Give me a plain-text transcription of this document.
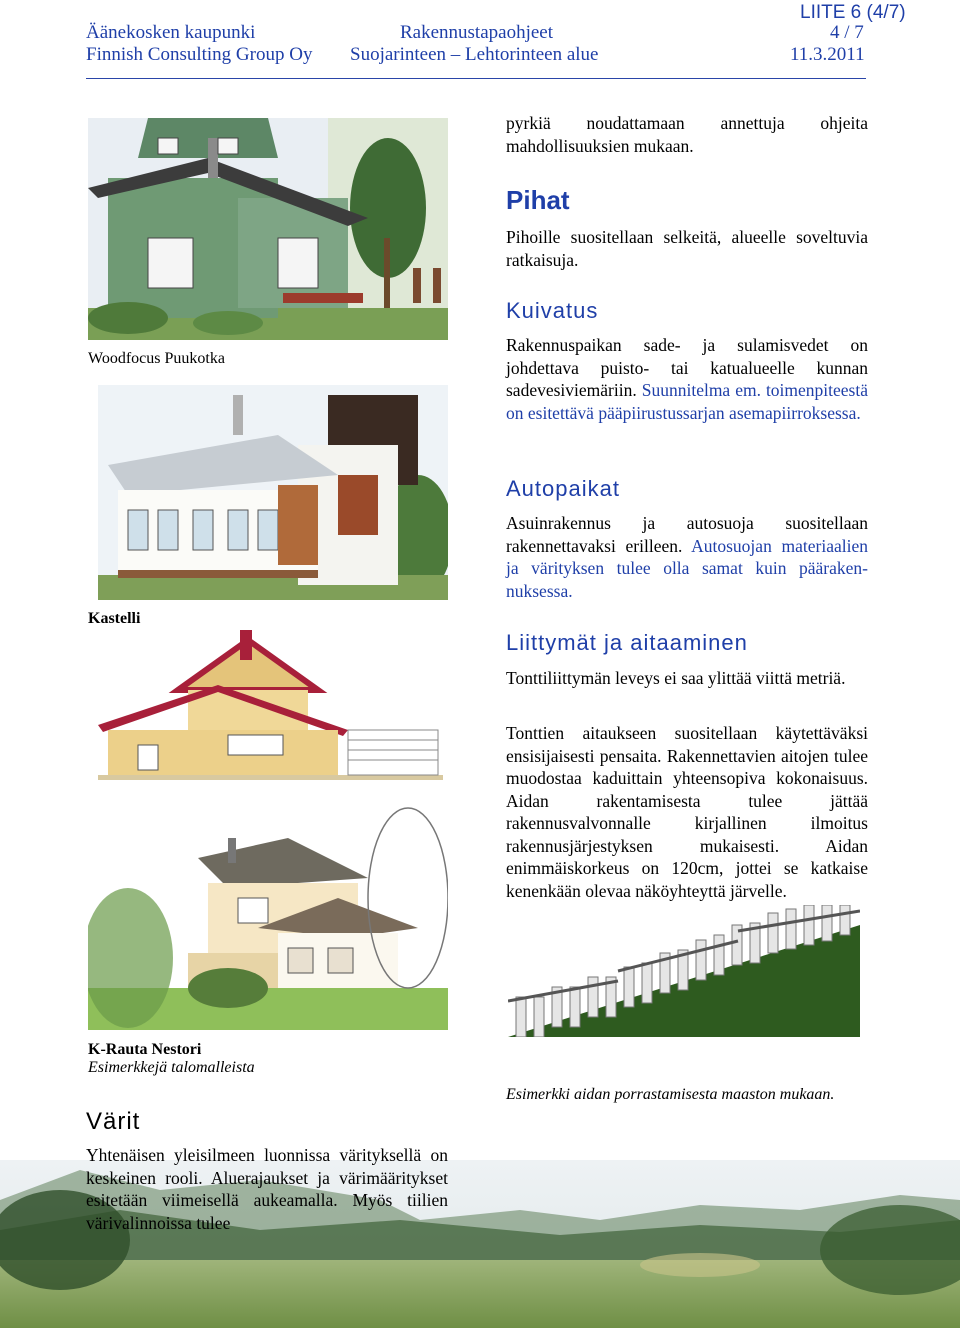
Äänekosken kaupunki	Rakennustapaohjeet	4 / 7
Finnish Consulting Group Oy Suojarinteen – Lehtorinteen alue	11.3.2011
LIITE 6 (4/7)
Woodfocus Puukotka
Kastelli
K-Rauta Nestori
Esimerkkejä talomalleista
pyrkiä noudattamaan annettuja ohjeita mahdollisuuksien mukaan.
Pihat
Pihoille suositellaan selkeitä, alueelle soveltuvia ratkaisuja.
Kuivatus
Rakennuspaikan sade- ja sulamisvedet on johdettava puisto- tai katualueelle kunnan sadevesiviemäriin. Suunnitelma em. toimenpiteestä on esitettävä pääpiirustussarjan asemapiirroksessa.
Autopaikat
Asuinrakennus ja autosuoja suositellaan rakennettavaksi erilleen. Autosuojan materiaalien ja värityksen tulee olla samat kuin päärakennuksessa.
Liittymät ja aitaaminen
Tonttiliittymän leveys ei saa ylittää viittä metriä.
Tonttien aitaukseen suositellaan käytettäväksi ensisijaisesti pensaita. Rakennettavien aitojen tulee muodostaa kaduittain yhteensopiva kokonaisuus. Aidan rakentamisesta tulee jättää rakennusvalvonnalle kirjallinen ilmoitus rakennusjärjestyksen mukaisesti. Aidan enimmäiskorkeus on 120cm, jottei se katkaise kenenkään olevaa näköyhteyttä järvelle.
Esimerkki aidan porrastamisesta maaston mukaan.
Värit
Yhtenäisen yleisilmeen luonnissa värityksellä on keskeinen rooli. Aluerajaukset ja värimääritykset esitetään viimeisellä aukeamalla. Myös tiilien värivalinnoissa tulee
